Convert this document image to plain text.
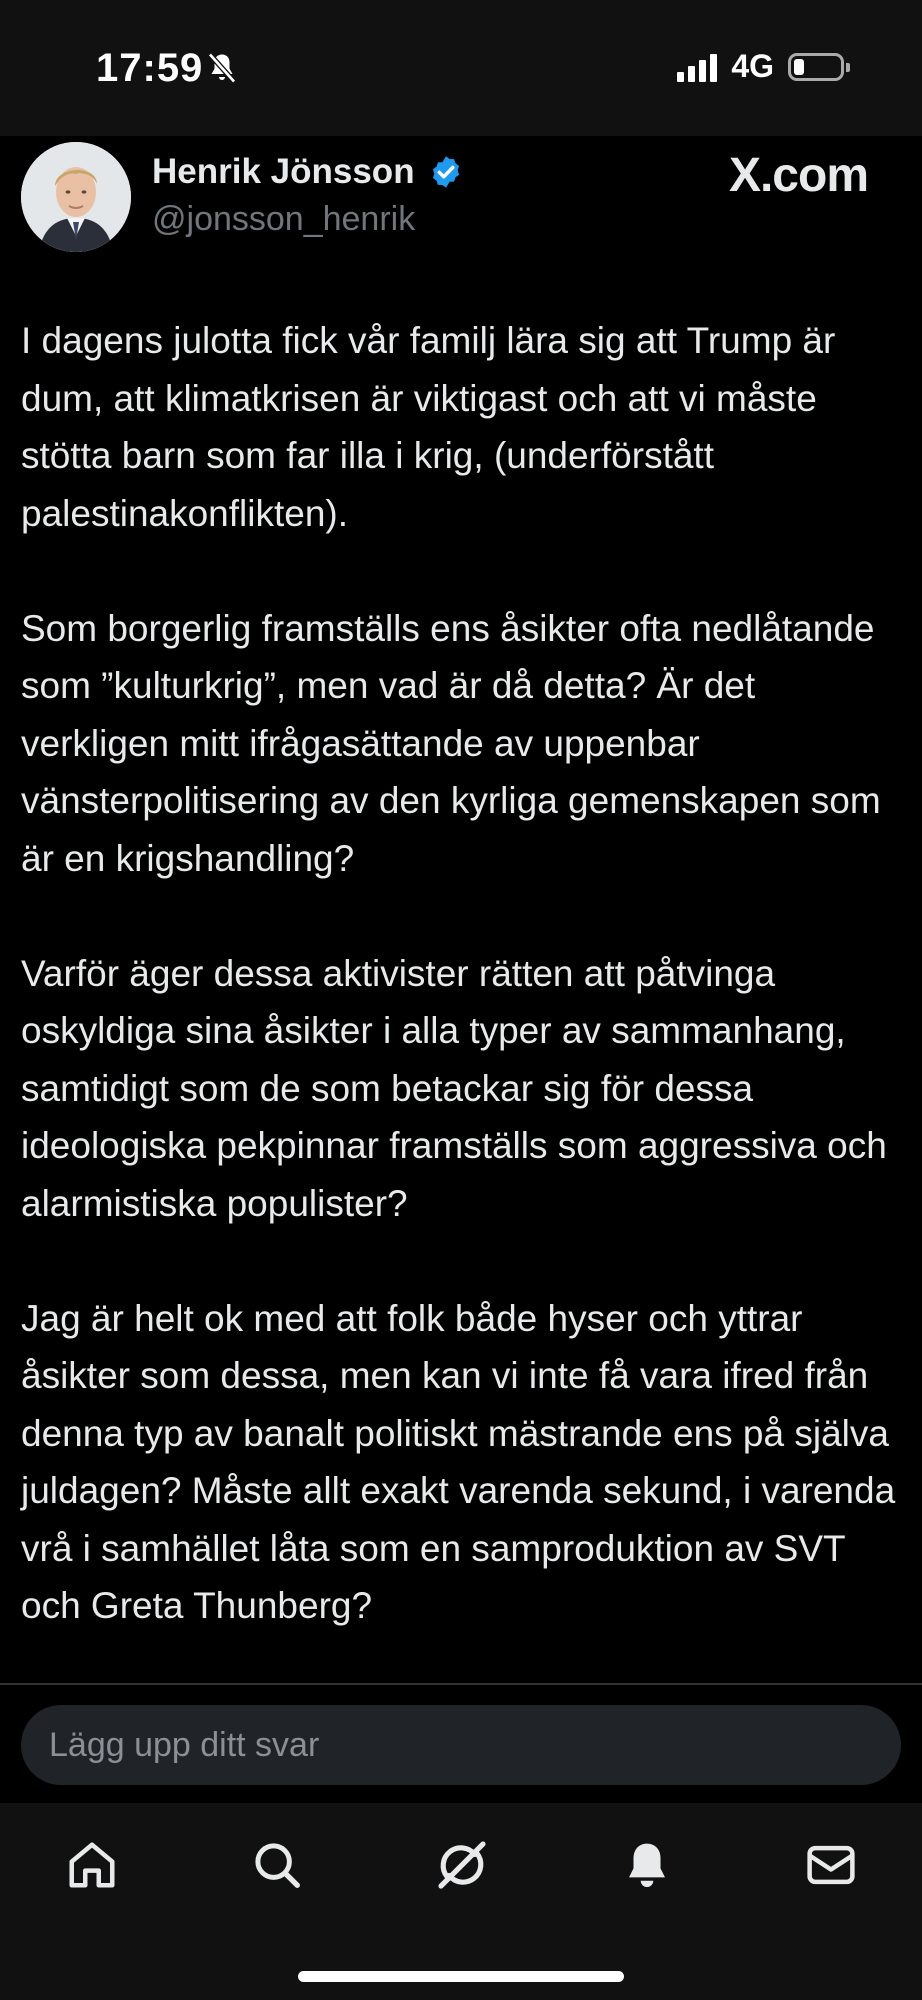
17:59	4G
Henrik Jönsson
@jonsson_henrik
X.com

I dagens julotta fick vår familj lära sig att Trump är dum, att klimatkrisen är viktigast och att vi måste stötta barn som far illa i krig, (underförstått palestinakonflikten).

Som borgerlig framställs ens åsikter ofta nedlåtande som ”kulturkrig”, men vad är då detta? Är det verkligen mitt ifrågasättande av uppenbar vänsterpolitisering av den kyrliga gemenskapen som är en krigshandling?

Varför äger dessa aktivister rätten att påtvinga oskyldiga sina åsikter i alla typer av sammanhang, samtidigt som de som betackar sig för dessa ideologiska pekpinnar framställs som aggressiva och alarmistiska populister?

Jag är helt ok med att folk både hyser och yttrar åsikter som dessa, men kan vi inte få vara ifred från denna typ av banalt politiskt mästrande ens på själva juldagen? Måste allt exakt varenda sekund, i varenda vrå i samhället låta som en samproduktion av SVT och Greta Thunberg?

Lägg upp ditt svar
